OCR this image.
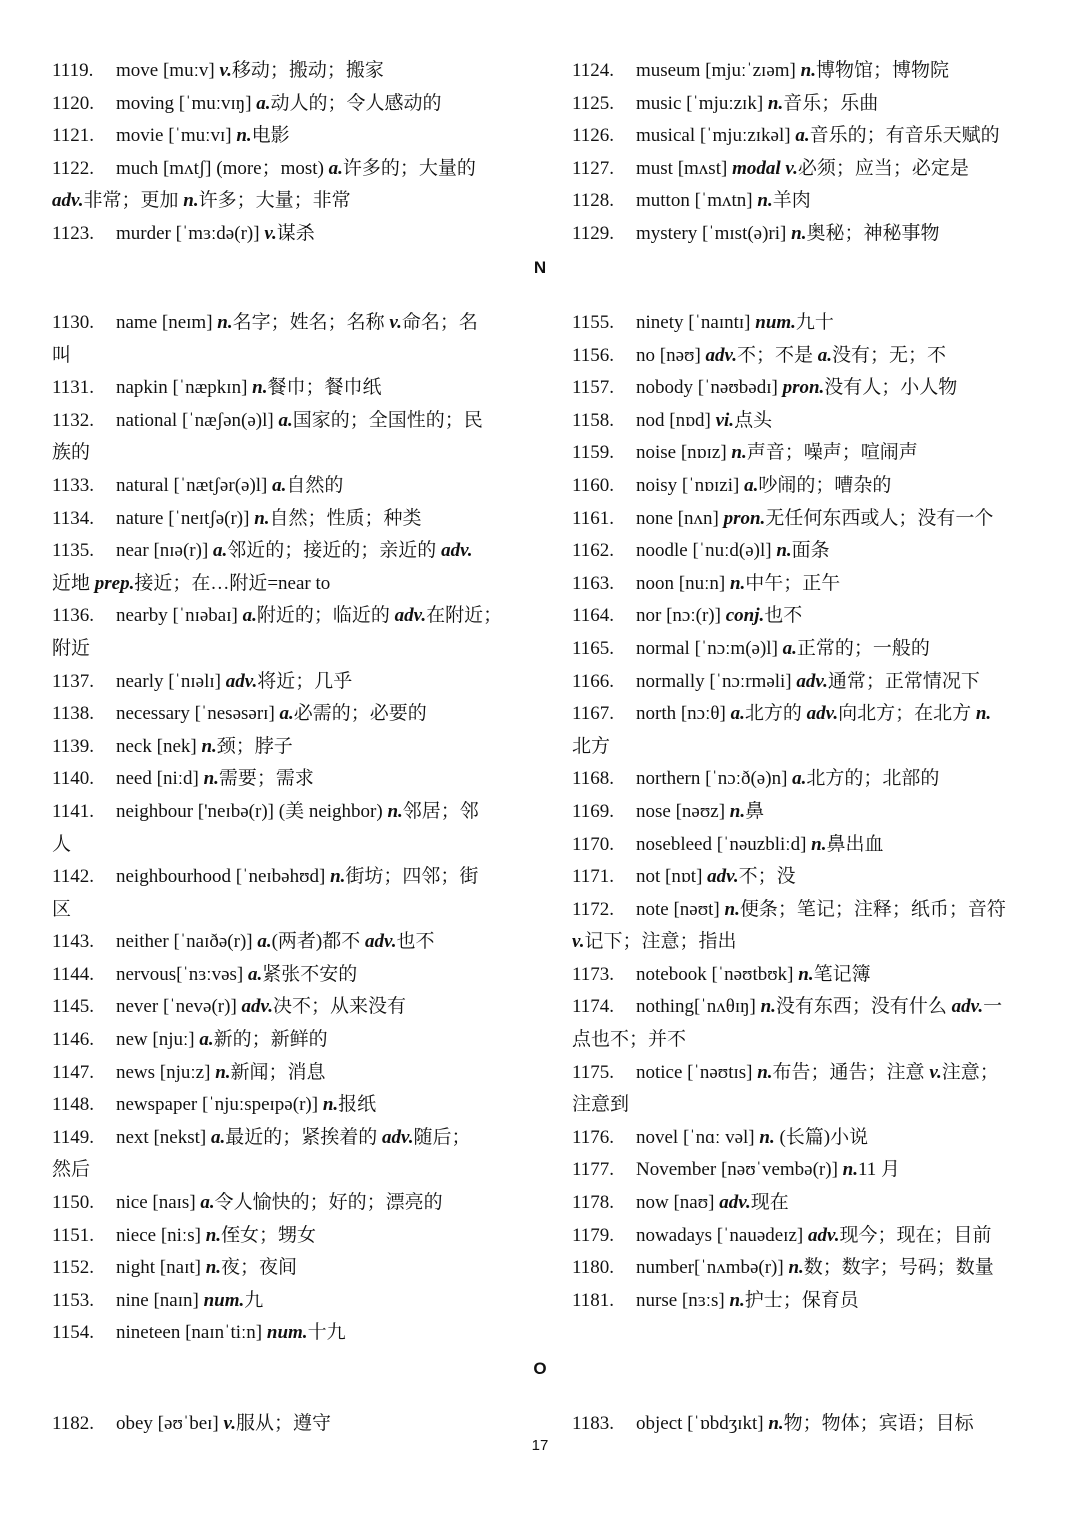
1119. move [muːv] v.移动；搬动；搬家
1120. moving [ˈmuːvɪŋ] a.动人的；令人感动的
1121. movie [ˈmuːvɪ] n.电影
1122. much [mʌtʃ] (more；most) a.许多的；大量的
adv.非常；更加 n.许多；大量；非常
1123. murder [ˈmɜːdə(r)] v.谋杀
1124. museum [mjuːˈzɪəm] n.博物馆；博物院
1125. music [ˈmjuːzɪk] n.音乐；乐曲
1126. musical [ˈmjuːzɪkəl] a.音乐的；有音乐天赋的
1127. must [mʌst] modal v.必须；应当；必定是
1128. mutton [ˈmʌtn] n.羊肉
1129. mystery [ˈmɪst(ə)ri] n.奥秘；神秘事物
N
1130. name [neɪm] n.名字；姓名；名称 v.命名；名
叫
1131. napkin [ˈnæpkɪn] n.餐巾；餐巾纸
1132. national [ˈnæʃən(ə)l] a.国家的；全国性的；民
族的
1133. natural [ˈnætʃər(ə)l] a.自然的
1134. nature [ˈneɪtʃə(r)] n.自然；性质；种类
1135. near [nɪə(r)] a.邻近的；接近的；亲近的 adv.
近地 prep.接近；在…附近=near to
1136. nearby [ˈnɪəbaɪ] a.附近的；临近的 adv.在附近；
附近
1137. nearly [ˈnɪəlɪ] adv.将近；几乎
1138. necessary [ˈnesəsərɪ] a.必需的；必要的
1139. neck [nek] n.颈；脖子
1140. need [niːd] n.需要；需求
1141. neighbour ['neɪbə(r)] (美 neighbor) n.邻居；邻
人
1142. neighbourhood [ˈneɪbəhʊd] n.街坊；四邻；街
区
1143. neither [ˈnaɪðə(r)] a.(两者)都不 adv.也不
1144. nervous[ˈnɜːvəs] a.紧张不安的
1145. never [ˈnevə(r)] adv.决不；从来没有
1146. new [njuː] a.新的；新鲜的
1147. news [njuːz] n.新闻；消息
1148. newspaper [ˈnjuːspeɪpə(r)] n.报纸
1149. next [nekst] a.最近的；紧挨着的 adv.随后；
然后
1150. nice [naɪs] a.令人愉快的；好的；漂亮的
1151. niece [niːs] n.侄女；甥女
1152. night [naɪt] n.夜；夜间
1153. nine [naɪn] num.九
1154. nineteen [naɪnˈtiːn] num.十九
1155. ninety [ˈnaɪntɪ] num.九十
1156. no [nəʊ] adv.不；不是 a.没有；无；不
1157. nobody [ˈnəʊbədɪ] pron.没有人；小人物
1158. nod [nɒd] vi.点头
1159. noise [nɒɪz] n.声音；噪声；喧闹声
1160. noisy [ˈnɒɪzi] a.吵闹的；嘈杂的
1161. none [nʌn] pron.无任何东西或人；没有一个
1162. noodle [ˈnuːd(ə)l] n.面条
1163. noon [nuːn] n.中午；正午
1164. nor [nɔː(r)] conj.也不
1165. normal [ˈnɔːm(ə)l] a.正常的；一般的
1166. normally [ˈnɔːrməli] adv.通常；正常情况下
1167. north [nɔːθ] a.北方的 adv.向北方；在北方 n.
北方
1168. northern [ˈnɔːð(ə)n] a.北方的；北部的
1169. nose [nəʊz] n.鼻
1170. nosebleed [ˈnəuzbliːd] n.鼻出血
1171. not [nɒt] adv.不；没
1172. note [nəʊt] n.便条；笔记；注释；纸币；音符
v.记下；注意；指出
1173. notebook [ˈnəʊtbʊk] n.笔记簿
1174. nothing[ˈnʌθɪŋ] n.没有东西；没有什么 adv.一
点也不；并不
1175. notice [ˈnəʊtɪs] n.布告；通告；注意 v.注意；
注意到
1176. novel [ˈnɑː vəl] n. (长篇)小说
1177. November [nəʊˈvembə(r)] n.11 月
1178. now [naʊ] adv.现在
1179. nowadays [ˈnauədeɪz] adv.现今；现在；目前
1180. number[ˈnʌmbə(r)] n.数；数字；号码；数量
1181. nurse [nɜːs] n.护士；保育员
O
1182. obey [əʊˈbeɪ] v.服从；遵守	1183. object [ˈɒbdʒɪkt] n.物；物体；宾语；目标
17
